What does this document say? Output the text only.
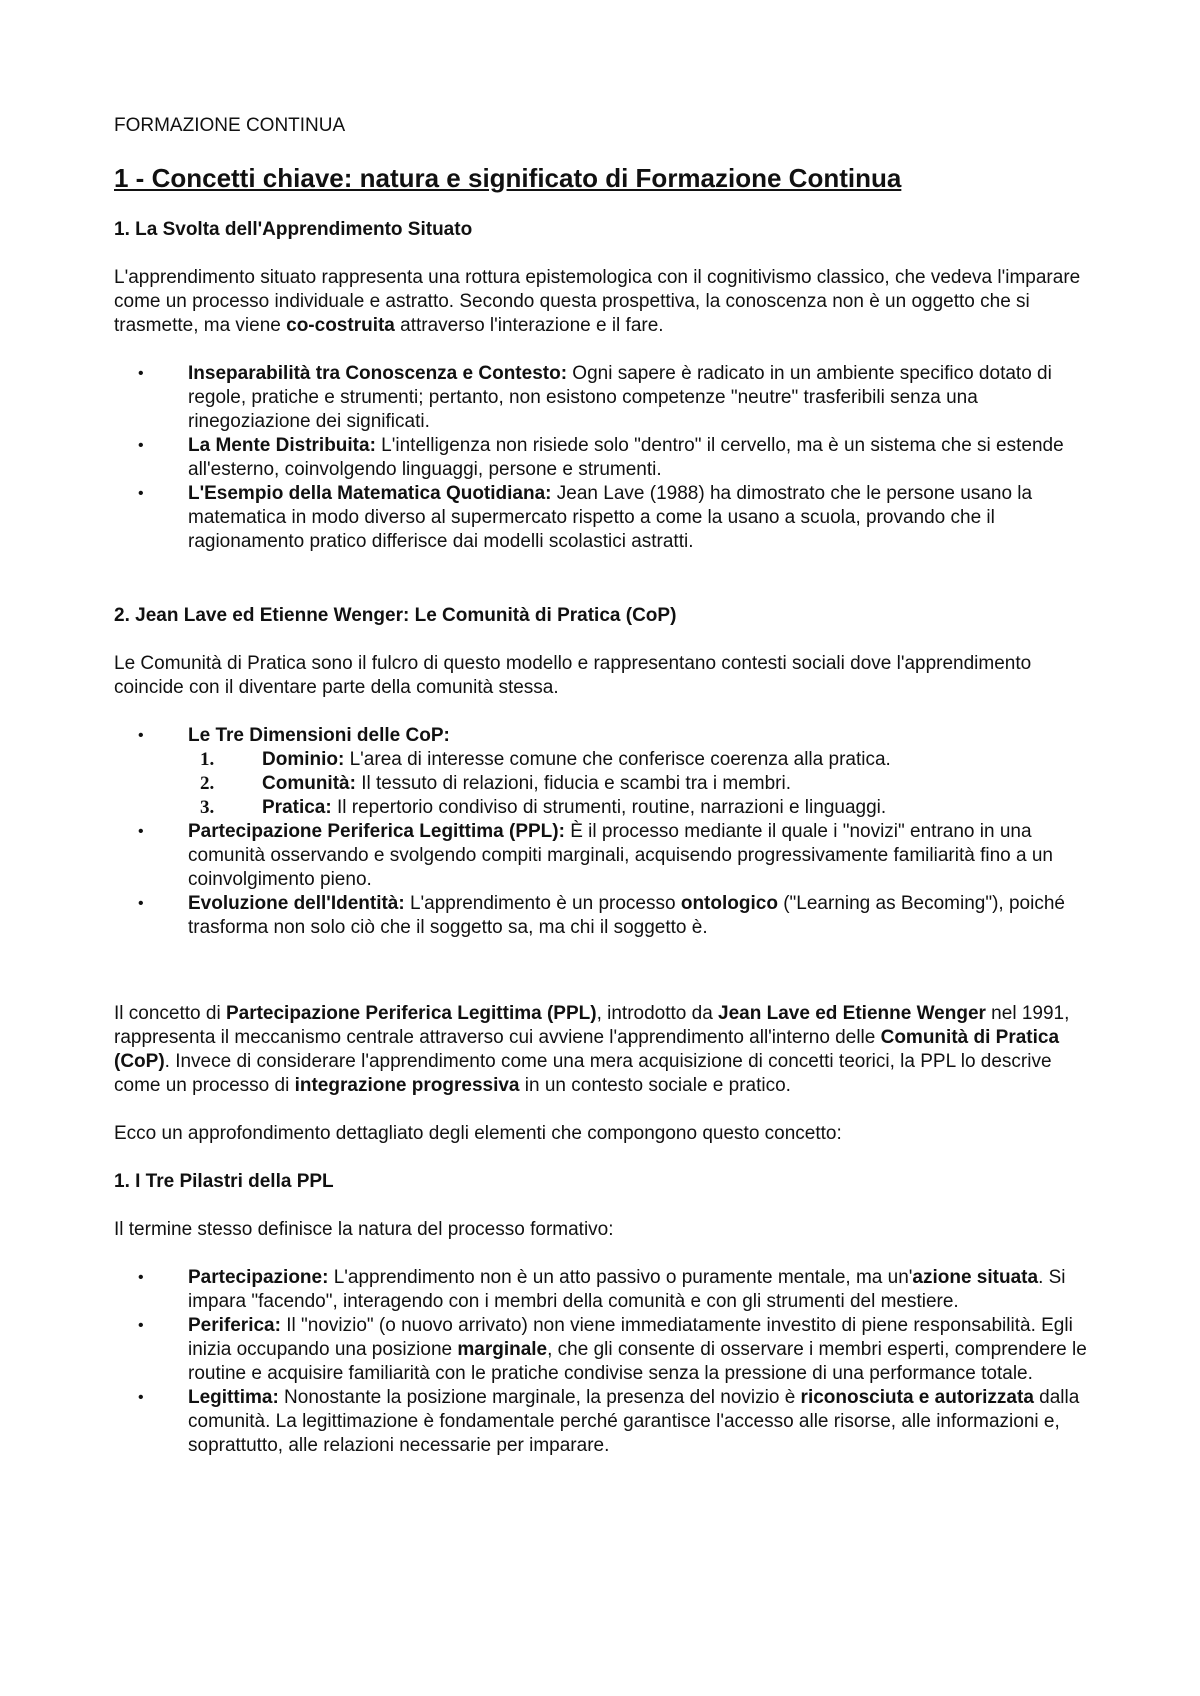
FORMAZIONE CONTINUA

1 - Concetti chiave: natura e significato di Formazione Continua
1. La Svolta dell'Apprendimento Situato

L'apprendimento situato rappresenta una rottura epistemologica con il cognitivismo classico, che vedeva l'imparare come un processo individuale e astratto. Secondo questa prospettiva, la conoscenza non è un oggetto che si trasmette, ma viene co-costruita attraverso l'interazione e il fare.

• Inseparabilità tra Conoscenza e Contesto: Ogni sapere è radicato in un ambiente specifico dotato di regole, pratiche e strumenti; pertanto, non esistono competenze "neutre" trasferibili senza una rinegoziazione dei significati.
• La Mente Distribuita: L'intelligenza non risiede solo "dentro" il cervello, ma è un sistema che si estende all'esterno, coinvolgendo linguaggi, persone e strumenti.
• L'Esempio della Matematica Quotidiana: Jean Lave (1988) ha dimostrato che le persone usano la matematica in modo diverso al supermercato rispetto a come la usano a scuola, provando che il ragionamento pratico differisce dai modelli scolastici astratti.
2. Jean Lave ed Etienne Wenger: Le Comunità di Pratica (CoP)

Le Comunità di Pratica sono il fulcro di questo modello e rappresentano contesti sociali dove l'apprendimento coincide con il diventare parte della comunità stessa.

• Le Tre Dimensioni delle CoP:
1.	Dominio: L'area di interesse comune che conferisce coerenza alla pratica.
2.	Comunità: Il tessuto di relazioni, fiducia e scambi tra i membri.
3.	Pratica: Il repertorio condiviso di strumenti, routine, narrazioni e linguaggi.
• Partecipazione Periferica Legittima (PPL): È il processo mediante il quale i "novizi" entrano in una comunità osservando e svolgendo compiti marginali, acquisendo progressivamente familiarità fino a un coinvolgimento pieno.
• Evoluzione dell'Identità: L'apprendimento è un processo ontologico ("Learning as Becoming"), poiché trasforma non solo ciò che il soggetto sa, ma chi il soggetto è.

Il concetto di Partecipazione Periferica Legittima (PPL), introdotto da Jean Lave ed Etienne Wenger nel 1991, rappresenta il meccanismo centrale attraverso cui avviene l'apprendimento all'interno delle Comunità di Pratica (CoP). Invece di considerare l'apprendimento come una mera acquisizione di concetti teorici, la PPL lo descrive come un processo di integrazione progressiva in un contesto sociale e pratico.

Ecco un approfondimento dettagliato degli elementi che compongono questo concetto:

1. I Tre Pilastri della PPL

Il termine stesso definisce la natura del processo formativo:

• Partecipazione: L'apprendimento non è un atto passivo o puramente mentale, ma un'azione situata. Si impara "facendo", interagendo con i membri della comunità e con gli strumenti del mestiere.
• Periferica: Il "novizio" (o nuovo arrivato) non viene immediatamente investito di piene responsabilità. Egli inizia occupando una posizione marginale, che gli consente di osservare i membri esperti, comprendere le routine e acquisire familiarità con le pratiche condivise senza la pressione di una performance totale.
• Legittima: Nonostante la posizione marginale, la presenza del novizio è riconosciuta e autorizzata dalla comunità. La legittimazione è fondamentale perché garantisce l'accesso alle risorse, alle informazioni e, soprattutto, alle relazioni necessarie per imparare.
